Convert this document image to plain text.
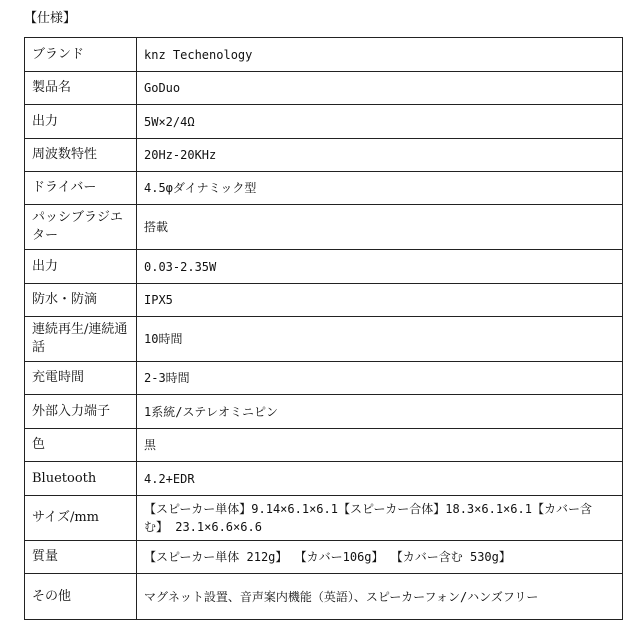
【仕様】
ブランド	knz Techenology
製品名	GoDuo
出力	5W×2/4Ω
周波数特性	20Hz-20KHz
ドライバー	4.5φダイナミック型
パッシブラジエター	搭載
出力	0.03-2.35W
防水・防滴	IPX5
連続再生/連続通話	10時間
充電時間	2-3時間
外部入力端子	1系統/ステレオミニピン
色	黒
Bluetooth	4.2+EDR
サイズ/mm	【スピーカー単体】9.14×6.1×6.1【スピーカー合体】18.3×6.1×6.1【カバー含む】 23.1×6.6×6.6
質量	【スピーカー単体 212g】 【カバー106g】 【カバー含む 530g】
その他	マグネット設置、音声案内機能（英語）、スピーカーフォン/ハンズフリー
